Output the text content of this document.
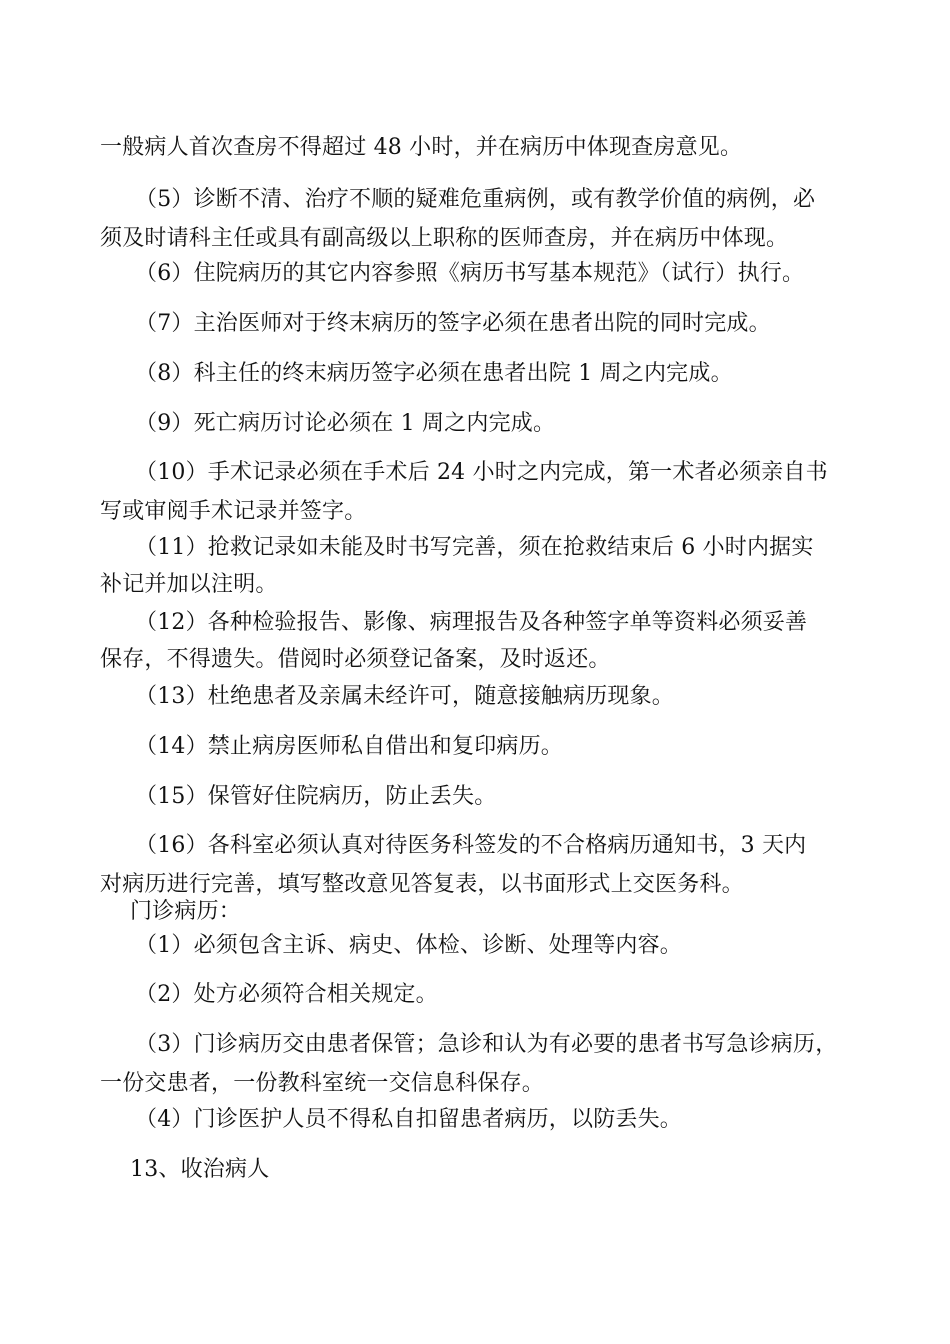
一般病人首次查房不得超过 48 小时，并在病历中体现查房意见。
（5）诊断不清、治疗不顺的疑难危重病例，或有教学价值的病例，必
须及时请科主任或具有副高级以上职称的医师查房，并在病历中体现。
（6）住院病历的其它内容参照《病历书写基本规范》（试行）执行。
（7）主治医师对于终末病历的签字必须在患者出院的同时完成。
（8）科主任的终末病历签字必须在患者出院 1 周之内完成。
（9）死亡病历讨论必须在 1 周之内完成。
（10）手术记录必须在手术后 24 小时之内完成，第一术者必须亲自书
写或审阅手术记录并签字。
（11）抢救记录如未能及时书写完善，须在抢救结束后 6 小时内据实
补记并加以注明。
（12）各种检验报告、影像、病理报告及各种签字单等资料必须妥善
保存，不得遗失。借阅时必须登记备案，及时返还。
（13）杜绝患者及亲属未经许可，随意接触病历现象。
（14）禁止病房医师私自借出和复印病历。
（15）保管好住院病历，防止丢失。
（16）各科室必须认真对待医务科签发的不合格病历通知书，3 天内
对病历进行完善，填写整改意见答复表，以书面形式上交医务科。
门诊病历：
（1）必须包含主诉、病史、体检、诊断、处理等内容。
（2）处方必须符合相关规定。
（3）门诊病历交由患者保管；急诊和认为有必要的患者书写急诊病历，
一份交患者，一份教科室统一交信息科保存。
（4）门诊医护人员不得私自扣留患者病历，以防丢失。
13、收治病人
